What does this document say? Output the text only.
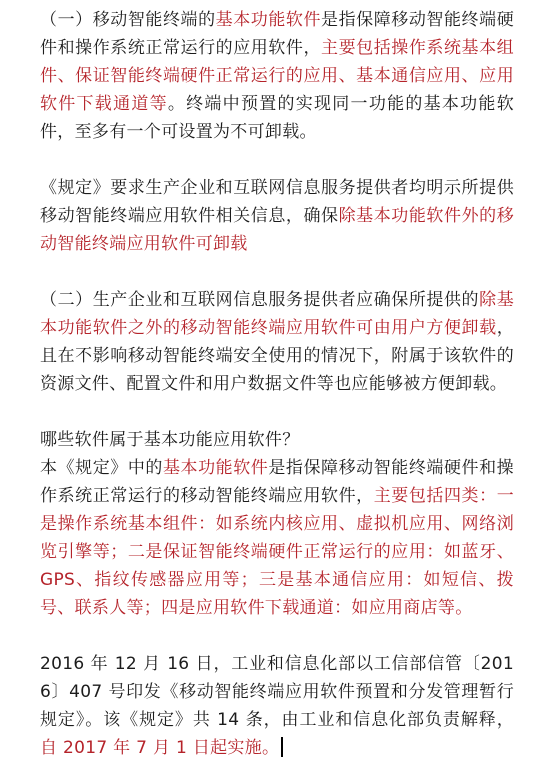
（一）移动智能终端的基本功能软件是指保障移动智能终端硬件和操作系统正常运行的应用软件，主要包括操作系统基本组件、保证智能终端硬件正常运行的应用、基本通信应用、应用软件下载通道等。终端中预置的实现同一功能的基本功能软件，至多有一个可设置为不可卸载。

《规定》要求生产企业和互联网信息服务提供者均明示所提供移动智能终端应用软件相关信息，确保除基本功能软件外的移动智能终端应用软件可卸载

（二）生产企业和互联网信息服务提供者应确保所提供的除基本功能软件之外的移动智能终端应用软件可由用户方便卸载，且在不影响移动智能终端安全使用的情况下，附属于该软件的资源文件、配置文件和用户数据文件等也应能够被方便卸载。

哪些软件属于基本功能应用软件？

本《规定》中的基本功能软件是指保障移动智能终端硬件和操作系统正常运行的移动智能终端应用软件，主要包括四类：一是操作系统基本组件：如系统内核应用、虚拟机应用、网络浏览引擎等；二是保证智能终端硬件正常运行的应用：如蓝牙、GPS、指纹传感器应用等；三是基本通信应用：如短信、拨号、联系人等；四是应用软件下载通道：如应用商店等。

2016 年 12 月 16 日，工业和信息化部以工信部信管〔2016〕407 号印发《移动智能终端应用软件预置和分发管理暂行规定》。该《规定》共 14 条，由工业和信息化部负责解释，自 2017 年 7 月 1 日起实施。
